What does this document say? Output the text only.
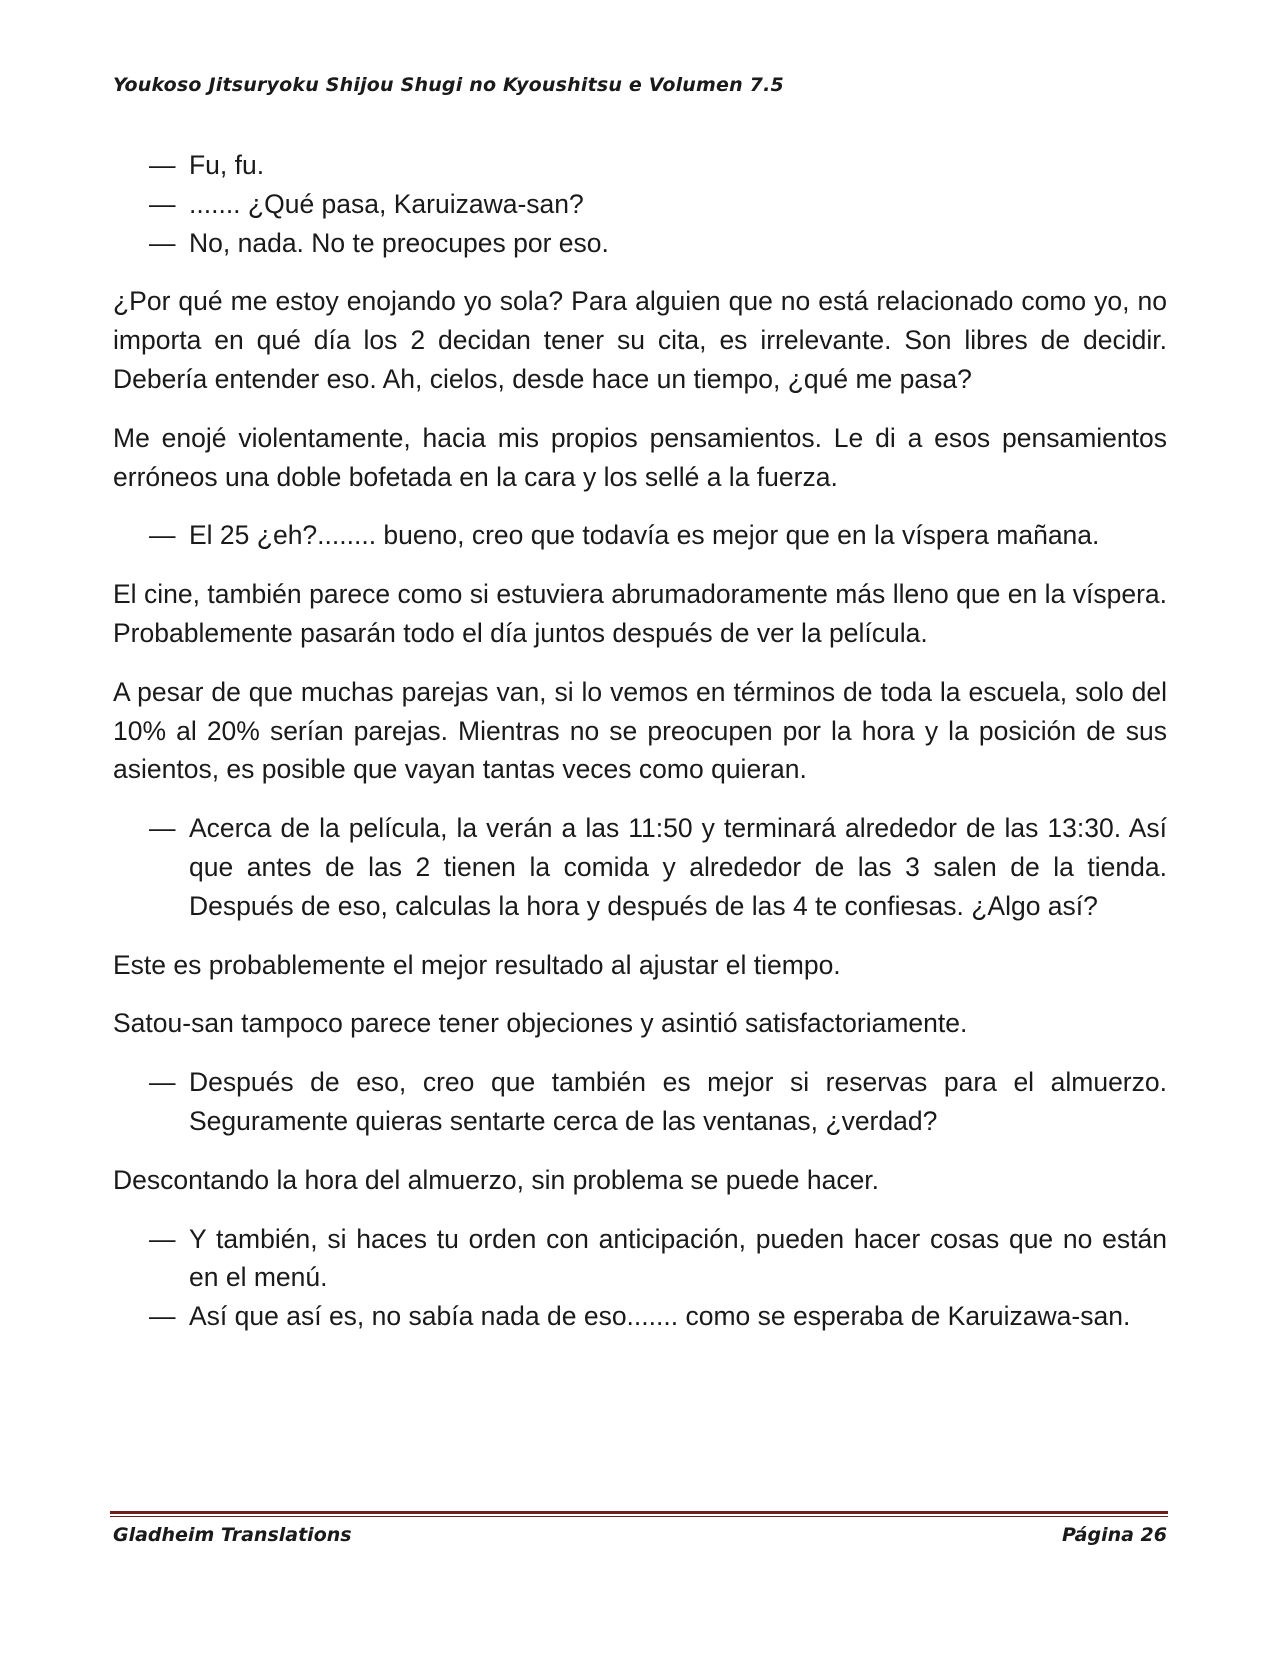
Youkoso Jitsuryoku Shijou Shugi no Kyoushitsu e Volumen 7.5
— Fu, fu.
— ....... ¿Qué pasa, Karuizawa-san?
— No, nada. No te preocupes por eso.

¿Por qué me estoy enojando yo sola? Para alguien que no está relacionado como yo, no importa en qué día los 2 decidan tener su cita, es irrelevante. Son libres de decidir. Debería entender eso. Ah, cielos, desde hace un tiempo, ¿qué me pasa?

Me enojé violentamente, hacia mis propios pensamientos. Le di a esos pensamientos erróneos una doble bofetada en la cara y los sellé a la fuerza.

— El 25 ¿eh?........ bueno, creo que todavía es mejor que en la víspera mañana.

El cine, también parece como si estuviera abrumadoramente más lleno que en la víspera. Probablemente pasarán todo el día juntos después de ver la película.

A pesar de que muchas parejas van, si lo vemos en términos de toda la escuela, solo del 10% al 20% serían parejas. Mientras no se preocupen por la hora y la posición de sus asientos, es posible que vayan tantas veces como quieran.

— Acerca de la película, la verán a las 11:50 y terminará alrededor de las 13:30. Así que antes de las 2 tienen la comida y alrededor de las 3 salen de la tienda. Después de eso, calculas la hora y después de las 4 te confiesas. ¿Algo así?

Este es probablemente el mejor resultado al ajustar el tiempo.

Satou-san tampoco parece tener objeciones y asintió satisfactoriamente.

— Después de eso, creo que también es mejor si reservas para el almuerzo. Seguramente quieras sentarte cerca de las ventanas, ¿verdad?

Descontando la hora del almuerzo, sin problema se puede hacer.

— Y también, si haces tu orden con anticipación, pueden hacer cosas que no están en el menú.
— Así que así es, no sabía nada de eso....... como se esperaba de Karuizawa-san.
Gladheim Translations	Página 26
